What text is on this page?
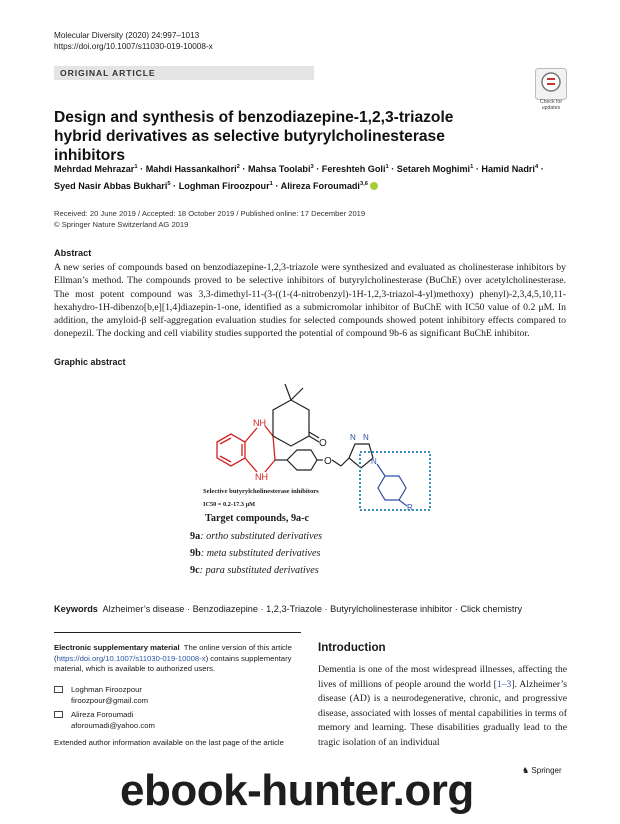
Molecular Diversity (2020) 24:997–1013
https://doi.org/10.1007/s11030-019-10008-x
ORIGINAL ARTICLE
Check for
updates
Design and synthesis of benzodiazepine-1,2,3-triazole hybrid derivatives as selective butyrylcholinesterase inhibitors
Mehrdad Mehrazar$^1$ · Mahdi Hassankalhori$^2$ · Mahsa Toolabi$^3$ · Fereshteh Goli$^1$ · Setareh Moghimi$^1$ · Hamid Nadri$^4$ ·
Syed Nasir Abbas Bukhari$^5$ · Loghman Firoozpour$^1$ · Alireza Foroumadi$^{3,6}$
Received: 20 June 2019 / Accepted: 18 October 2019 / Published online: 17 December 2019
© Springer Nature Switzerland AG 2019
Abstract
A new series of compounds based on benzodiazepine-1,2,3-triazole were synthesized and evaluated as cholinesterase inhibitors by Ellman’s method. The compounds proved to be selective inhibitors of butyrylcholinesterase (BuChE) over acetylcholinesterase. The most potent compound was 3,3-dimethyl-11-(3-((1-(4-nitrobenzyl)-1H-1,2,3-triazol-4-yl)methoxy) phenyl)-2,3,4,5,10,11-hexahydro-1H-dibenzo[b,e][1,4]diazepin-1-one, identified as a submicromolar inhibitor of BuChE with IC50 value of 0.2 μM. In addition, the amyloid-β self-aggregation evaluation studies for selected compounds showed potent inhibitory effects compared to donepezil. The docking and cell viability studies supported the potential of compound 9b-6 as significant BuChE inhibitor.
Graphic abstract
NH
NH
O
O
N N
N
R
Selective butyrylcholinesterase inhibitors
IC50 = 0.2-17.3 μM
Target compounds, 9a-c
9a: ortho substituted derivatives
9b: meta substituted derivatives
9c: para substituted derivatives
Keywords Alzheimer’s disease · Benzodiazepine · 1,2,3-Triazole · Butyrylcholinesterase inhibitor · Click chemistry
Electronic supplementary material The online version of this article (https://doi.org/10.1007/s11030-019-10008-x) contains supplementary material, which is available to authorized users.
Loghman Firoozpour
firoozpour@gmail.com
Alireza Foroumadi
aforoumadi@yahoo.com
Extended author information available on the last page of the article
Introduction
Dementia is one of the most widespread illnesses, affecting the lives of millions of people around the world [1–3]. Alzheimer’s disease (AD) is a neurodegenerative, chronic, and progressive disease, associated with losses of mental capabilities in terms of memory and learning. These disabilities gradually lead to the tragic isolation of an individual
♞ Springer
ebook-hunter.org
